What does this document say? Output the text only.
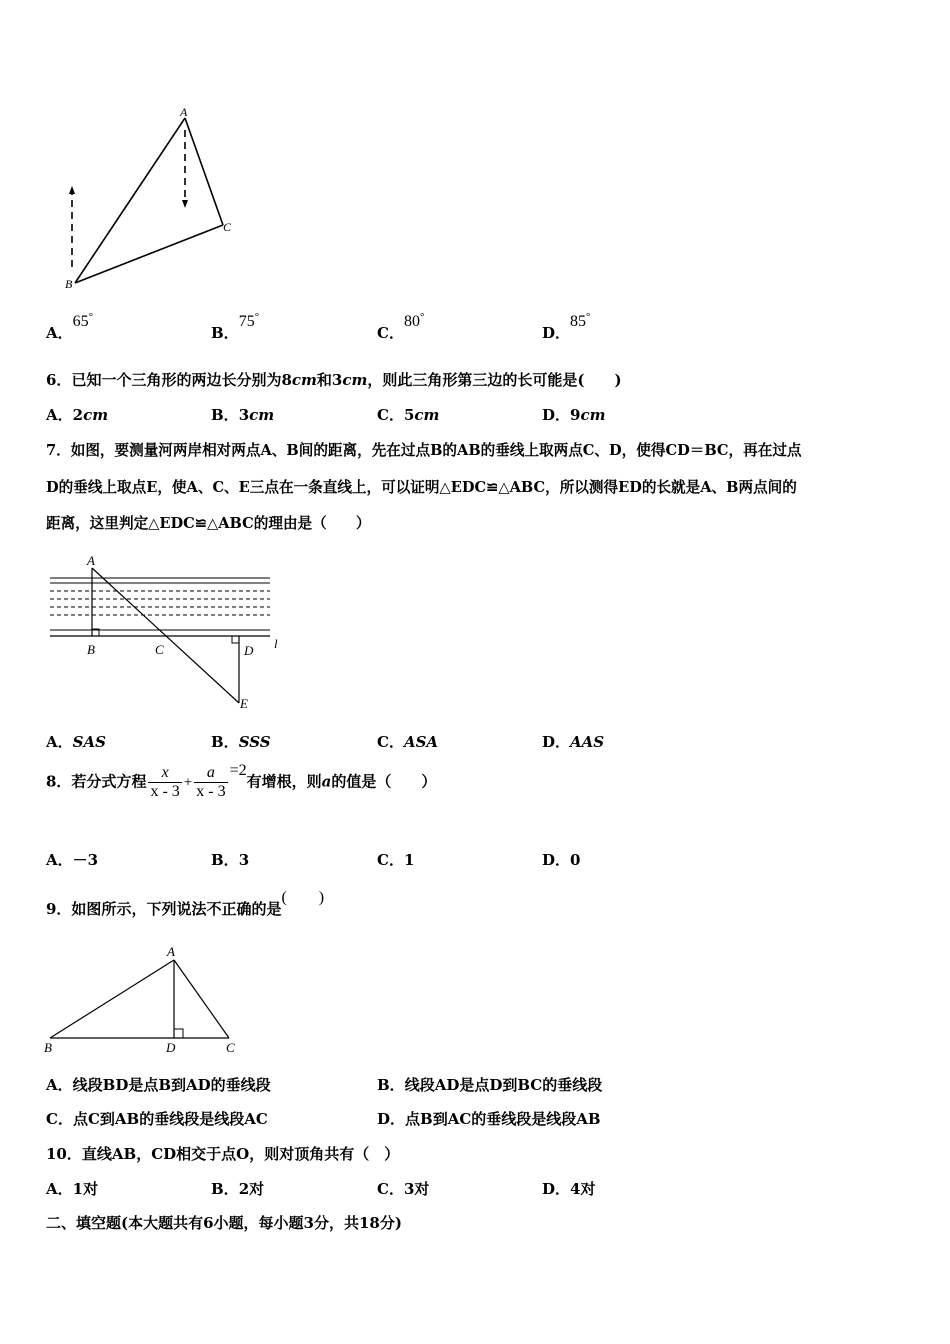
A
B
C
A．65°
B．75°
C．80°
D．85°
6．已知一个三角形的两边长分别为8cm和3cm，则此三角形第三边的长可能是(　　)
A．2cm	B．3cm	C．5cm	D．9cm
7．如图，要测量河两岸相对两点A、B间的距离，先在过点B的AB的垂线上取两点C、D，使得CD＝BC，再在过点
D的垂线上取点E，使A、C、E三点在一条直线上，可以证明△EDC≌△ABC，所以测得ED的长就是A、B两点间的
距离，这里判定△EDC≌△ABC的理由是（　　）
A
B	C	D
E
l
A．SAS	B．SSS	C．ASA	D．AAS
8．若分式方程 $\frac{x}{x - 3} + \frac{a}{x - 3} =2$有增根，则a的值是（　　）
A．－3	B．3	C．1	D．0
9．如图所示，下列说法不正确的是(　　)
A
B	D	C
A．线段BD是点B到AD的垂线段	B．线段AD是点D到BC的垂线段
C．点C到AB的垂线段是线段AC	D．点B到AC的垂线段是线段AB
10．直线AB，CD相交于点O，则对顶角共有（　）
A．1对	B．2对	C．3对	D．4对
二、填空题(本大题共有6小题，每小题3分，共18分)
